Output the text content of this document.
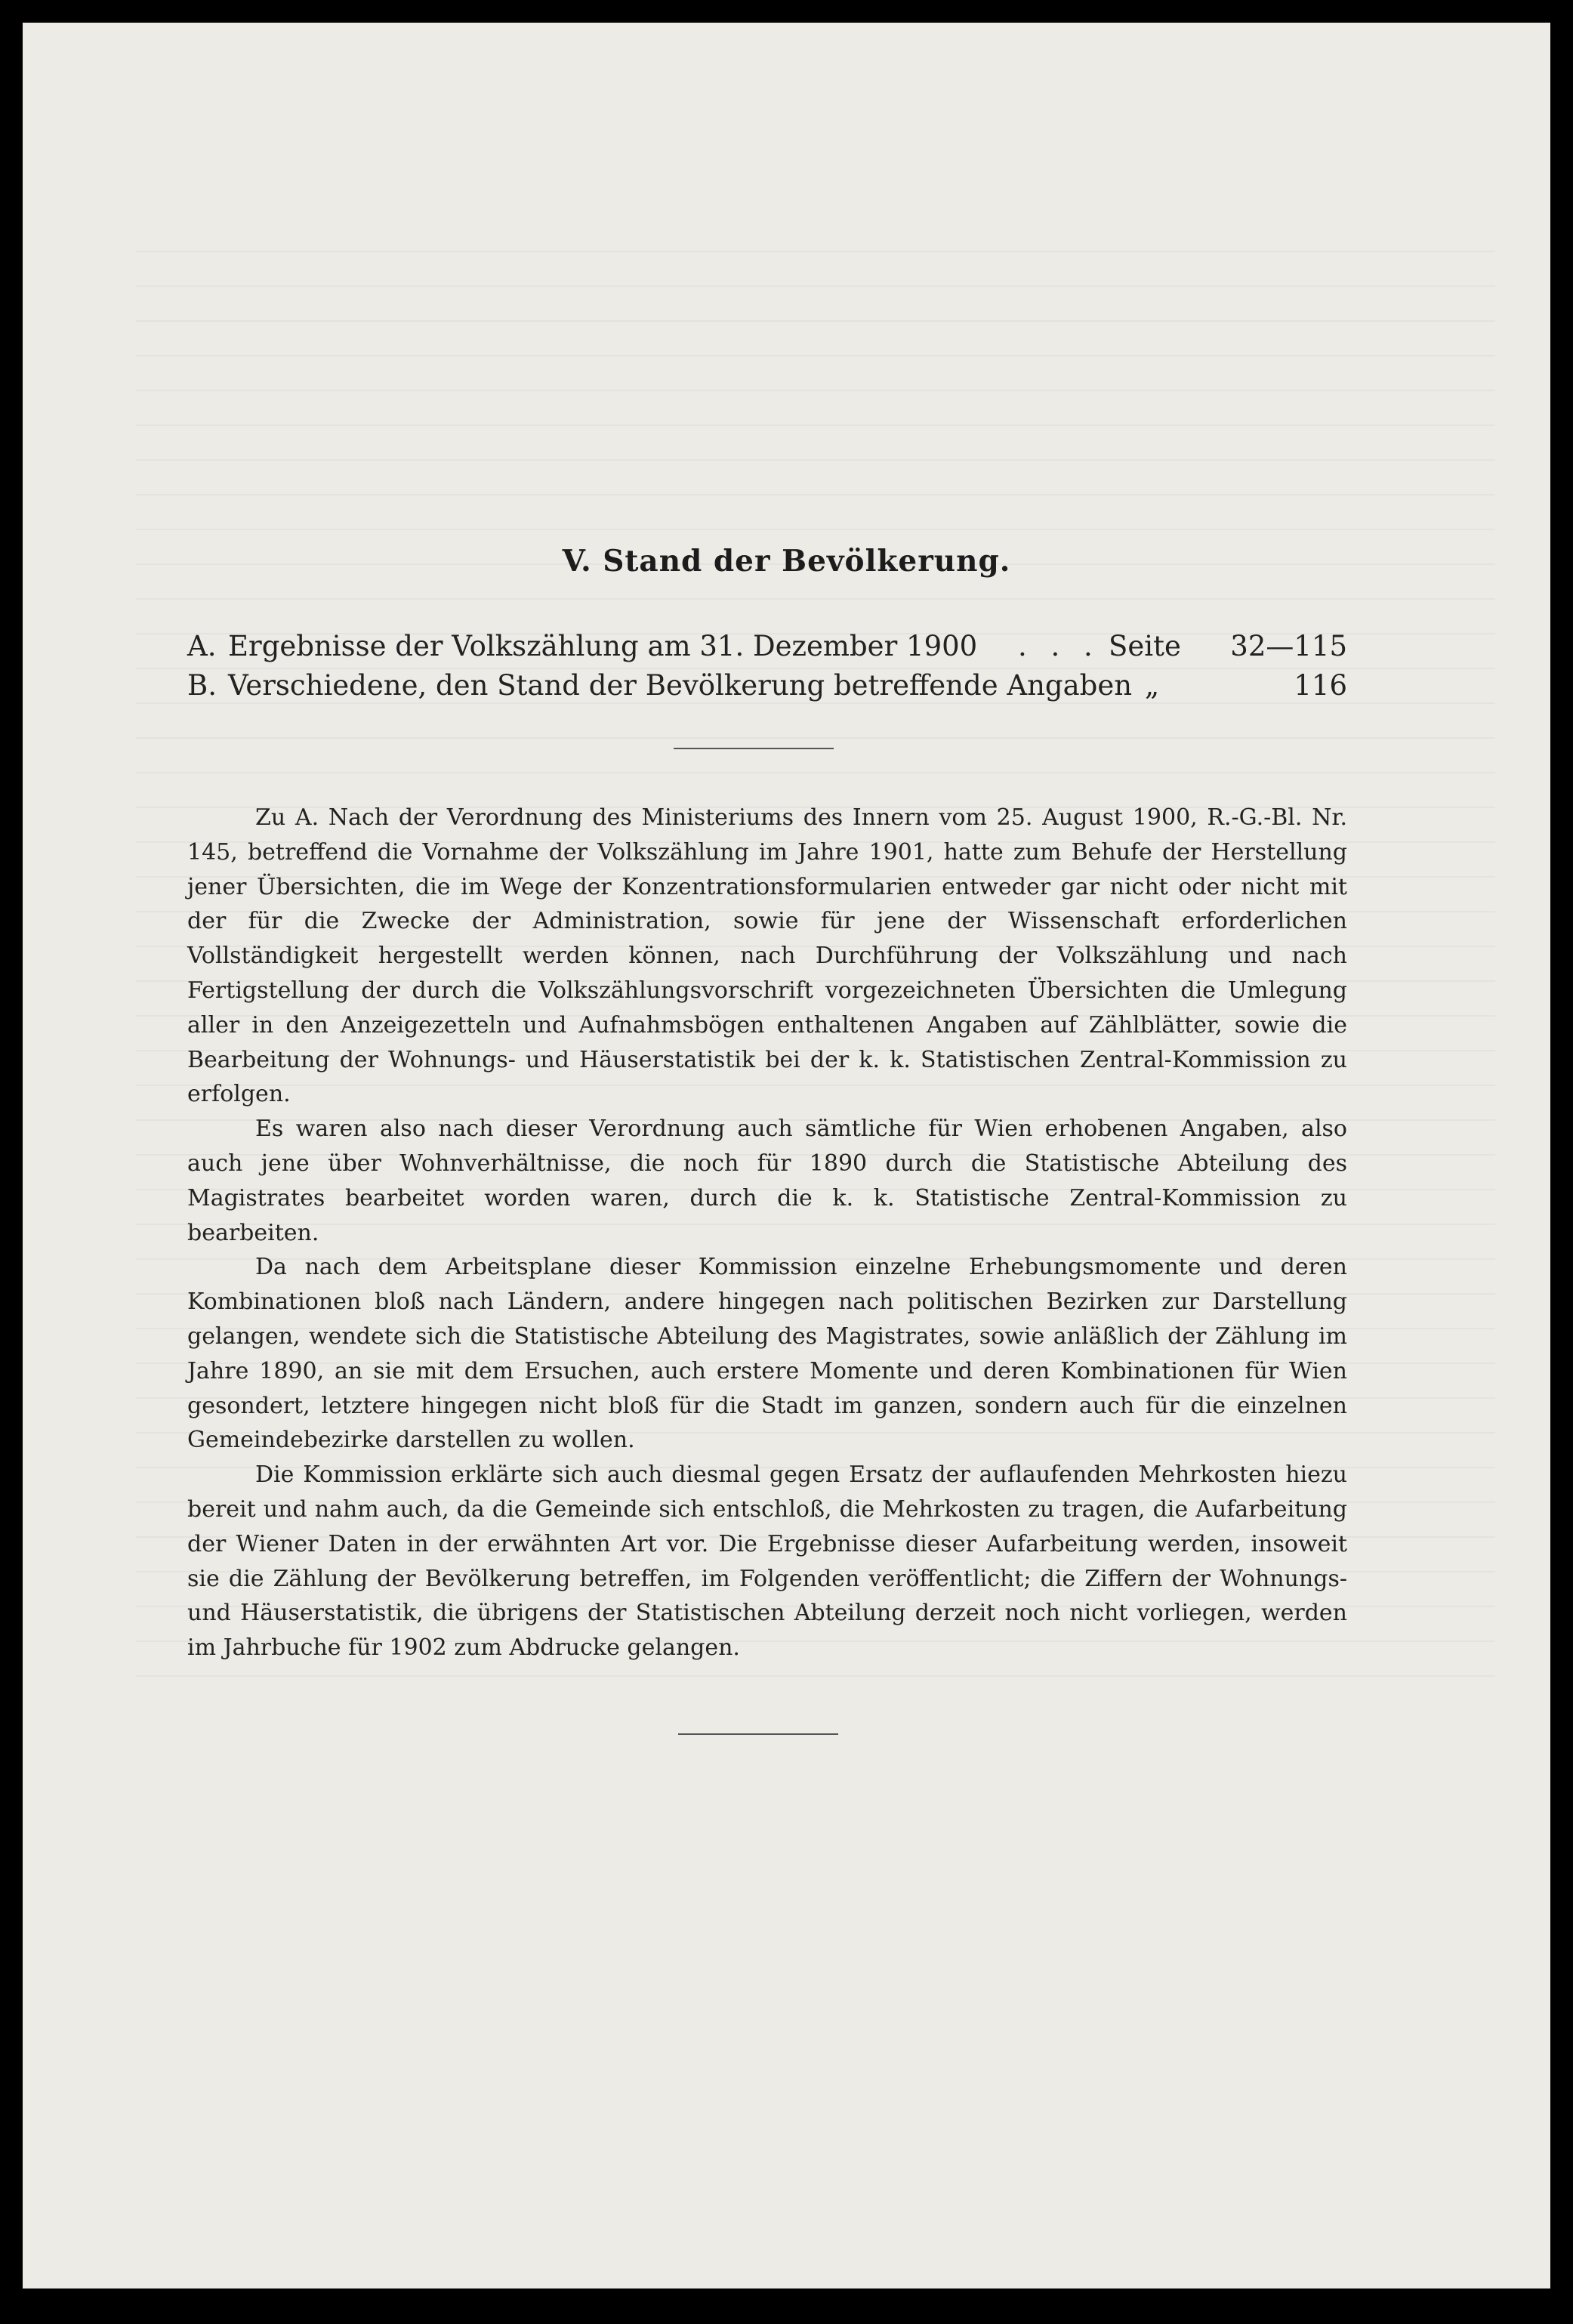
V. Stand der Bevölkerung.
A. Ergebnisse der Volkszählung am 31. Dezember 1900 . . . Seite 32—115
B. Verschiedene, den Stand der Bevölkerung betreffende Angaben „	116

Zu A. Nach der Verordnung des Ministeriums des Innern vom 25. August 1900, R.-G.-Bl. Nr. 145, betreffend die Vornahme der Volkszählung im Jahre 1901, hatte zum Behufe der Herstellung jener Übersichten, die im Wege der Konzentrationsformularien entweder gar nicht oder nicht mit der für die Zwecke der Administration, sowie für jene der Wissenschaft erforderlichen Vollständigkeit hergestellt werden können, nach Durchführung der Volkszählung und nach Fertigstellung der durch die Volkszählungsvorschrift vorgezeichneten Übersichten die Umlegung aller in den Anzeigezetteln und Aufnahmsbögen enthaltenen Angaben auf Zählblätter, sowie die Bearbeitung der Wohnungs- und Häuserstatistik bei der k. k. Statistischen Zentral-Kommission zu erfolgen.

Es waren also nach dieser Verordnung auch sämtliche für Wien erhobenen Angaben, also auch jene über Wohnverhältnisse, die noch für 1890 durch die Statistische Abteilung des Magistrates bearbeitet worden waren, durch die k. k. Statistische Zentral-Kommission zu bearbeiten.

Da nach dem Arbeitsplane dieser Kommission einzelne Erhebungsmomente und deren Kombinationen bloß nach Ländern, andere hingegen nach politischen Bezirken zur Darstellung gelangen, wendete sich die Statistische Abteilung des Magistrates, sowie anläßlich der Zählung im Jahre 1890, an sie mit dem Ersuchen, auch erstere Momente und deren Kombinationen für Wien gesondert, letztere hingegen nicht bloß für die Stadt im ganzen, sondern auch für die einzelnen Gemeindebezirke darstellen zu wollen.

Die Kommission erklärte sich auch diesmal gegen Ersatz der auflaufenden Mehrkosten hiezu bereit und nahm auch, da die Gemeinde sich entschloß, die Mehrkosten zu tragen, die Aufarbeitung der Wiener Daten in der erwähnten Art vor. Die Ergebnisse dieser Aufarbeitung werden, insoweit sie die Zählung der Bevölkerung betreffen, im Folgenden veröffentlicht; die Ziffern der Wohnungs- und Häuserstatistik, die übrigens der Statistischen Abteilung derzeit noch nicht vorliegen, werden im Jahrbuche für 1902 zum Abdrucke gelangen.
